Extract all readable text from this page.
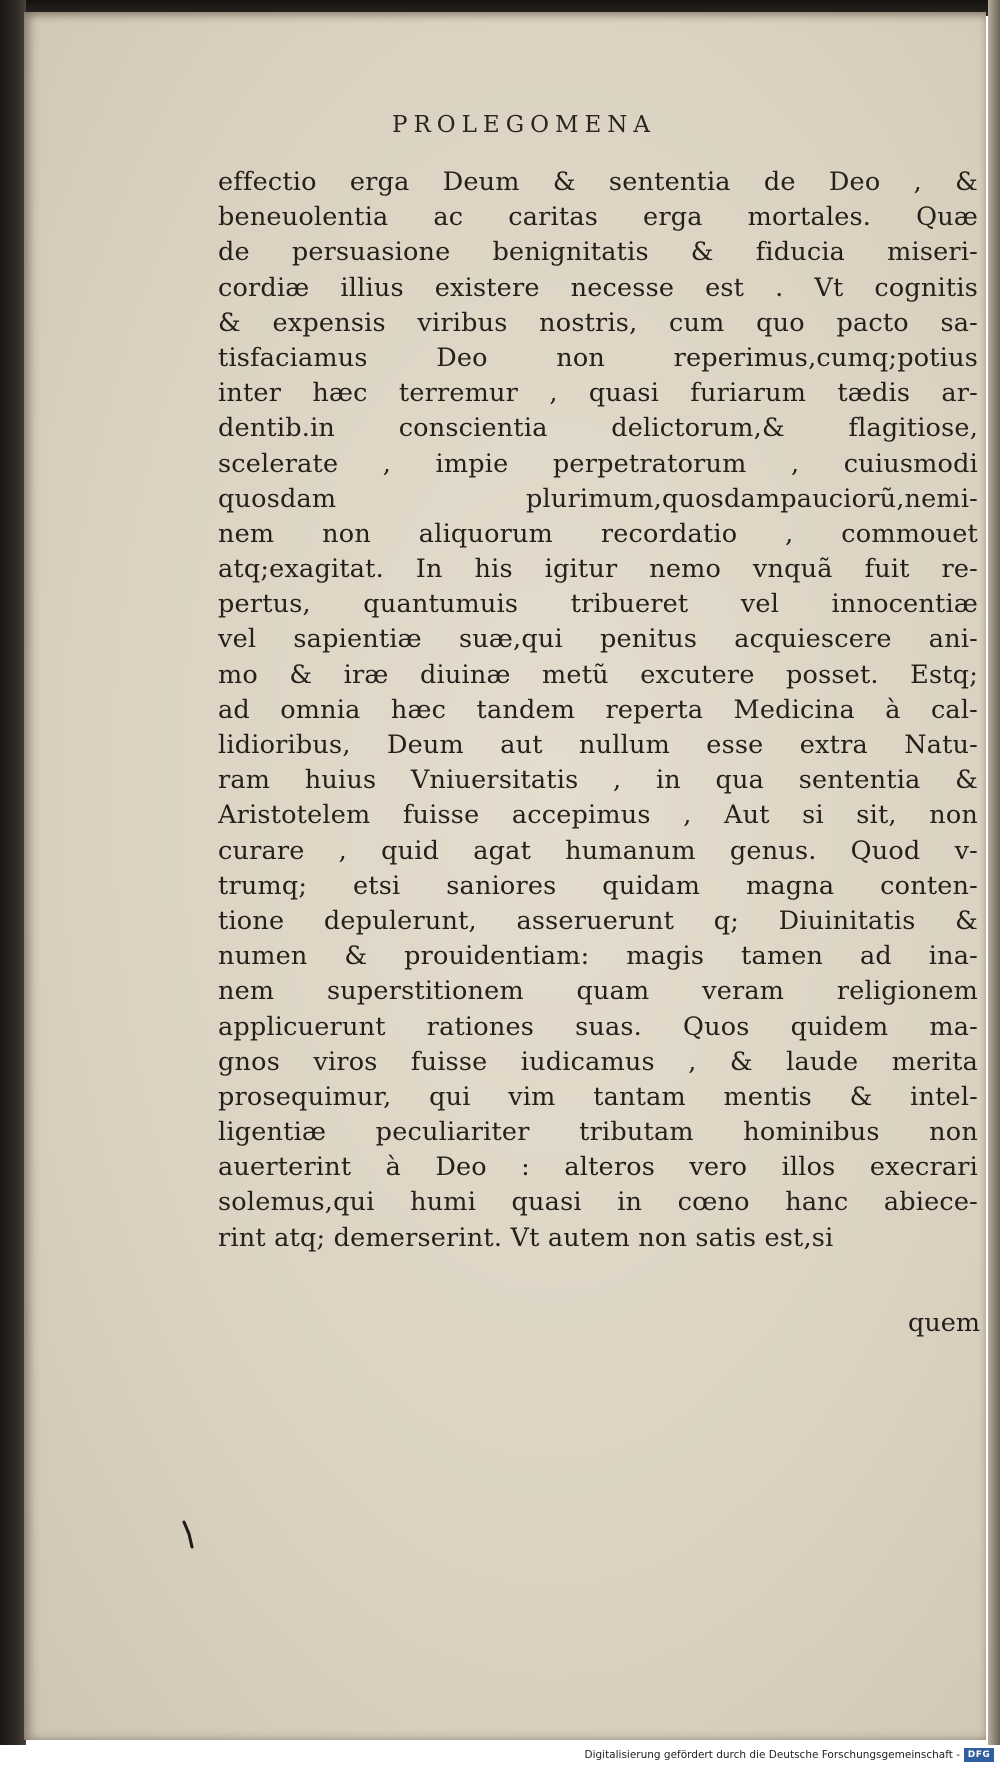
PROLEGOMENA
effectio erga Deum & sententia de Deo , &
beneuolentia ac caritas erga mortales. Quæ
de persuasione benignitatis & fiducia miseri-
cordiæ illius existere necesse est . Vt cognitis
& expensis viribus nostris, cum quo pacto sa-
tisfaciamus Deo non reperimus,cumq;potius
inter hæc terremur , quasi furiarum tædis ar-
dentib.in conscientia delictorum,& flagitiose,
scelerate , impie perpetratorum , cuiusmodi
quosdam plurimum,quosdampauciorũ,nemi-
nem non aliquorum recordatio , commouet
atq;exagitat. In his igitur nemo vnquã fuit re-
pertus, quantumuis tribueret vel innocentiæ
vel sapientiæ suæ,qui penitus acquiescere ani-
mo & iræ diuinæ metũ excutere posset. Estq;
ad omnia hæc tandem reperta Medicina à cal-
lidioribus, Deum aut nullum esse extra Natu-
ram huius Vniuersitatis , in qua sententia &
Aristotelem fuisse accepimus , Aut si sit, non
curare , quid agat humanum genus. Quod v-
trumq; etsi saniores quidam magna conten-
tione depulerunt, asseruerunt q; Diuinitatis &
numen & prouidentiam: magis tamen ad ina-
nem superstitionem quam veram religionem
applicuerunt rationes suas. Quos quidem ma-
gnos viros fuisse iudicamus , & laude merita
prosequimur, qui vim tantam mentis & intel-
ligentiæ peculiariter tributam hominibus non
auerterint à Deo : alteros vero illos execrari
solemus,qui humi quasi in cœno hanc abiece-
rint atq; demerserint. Vt autem non satis est,si

quem

Digitalisierung gefördert durch die Deutsche Forschungsgemeinschaft - DFG
